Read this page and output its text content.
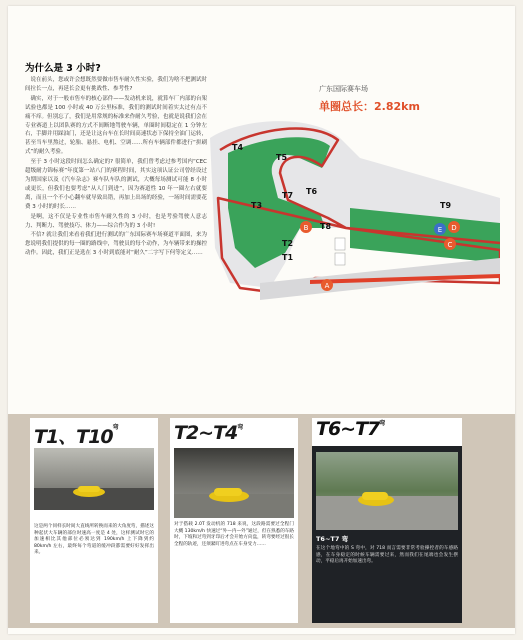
为什么是 3 小时?

说在前头，您或许会想既然要做市售车耐久性实验，我们为啥不把测试时间拉长一点，再延长会更有挑战性、参考性?

确实，对于一般市售车的核心部件——发动机来说，就算车厂内部的台架试验也都是 100 小时或 40 万公里标准，我们的测试时间着实太过有点不痛不痒。但别忘了，我们是用常规的标准来作耐久考验，也就是说我们会在专业赛道上以团队赛的方式不间断地驾驶车辆，单圈时间稳定在 1 分钟左右，手脚并用踩油门，还是让这台车在长时间高速状态下保持全油门运转，甚至当车里熬过，轮胎、悬挂、电机、空调……所有车辆部件都进行“拼刷式”的耐久考验。

至于 3 小时这段时间怎么确定的? 很简单，我们曾考虑过参考国内“CEC 超级耐力锦标赛”年度第一站八门的赛程时间，其实这项认证公司曾经设过为期国家以及《汽车杂志》赛车队车队的测试，大概每场测试可能 8 小时或更长，但我们也要考虑“从人门到进”，因为赛道性 10 年一圈左右就要离，而且一个不小心翻车就导致出错，再加上出场的经验，一场时间需要花费 3 小时的时长……

是啊，这不仅是专业性市售车耐久性的 3 小时，也是考验驾驶人意志力、判断力、驾驶技巧、体力——综合作为的 3 小时!

不信? 就让我们来看看我们进行测试的广东国际赛车场赛道平面图，来为您说明我们提供的每一圈的路线中，驾驶员的每个动作，为车辆带来的操控动作。因此，我们正是选在 3 小时到底能对“耐久”二字写下何等定义……

T4
T5
T6
T7
T3
T8
T9
T2
T1
B
A
E D
C
广东国际赛车场
单圈总长：2.82km
T1、$T10^弯$
这是两个同样长时间大直线所转换而来的大角度弯，描述这种起伏大车辆的部位时速高一度是 4 处，这样测试时它的加速相比其他部位必须达到 190km/h 上下降到约 80km/h 左右，最终每个弯道的缓冲段都需要好好发挥出来。
$T2\sim T4^弯$
对于搭载 2.0T 发动机的 718 来说，这段路需要过全程门大概 130km/h 快速过“外—内—外”通过，但在熟悉的车路时，下坡和过弯到牙印后才会开始方向盘，转弯要经过很长全程的轨迹，还须紧盯进弯点在车身受力……
$T6\sim T7^弯$
T6~T7 弯
在这个地弯中的 S 弯中，对 718 而言需要非常考验操控者的车感路感，在车身稳定的时候车辆需要过来，然而我们在尾端也会发生摆动，平稳后再开始加速出弯。
